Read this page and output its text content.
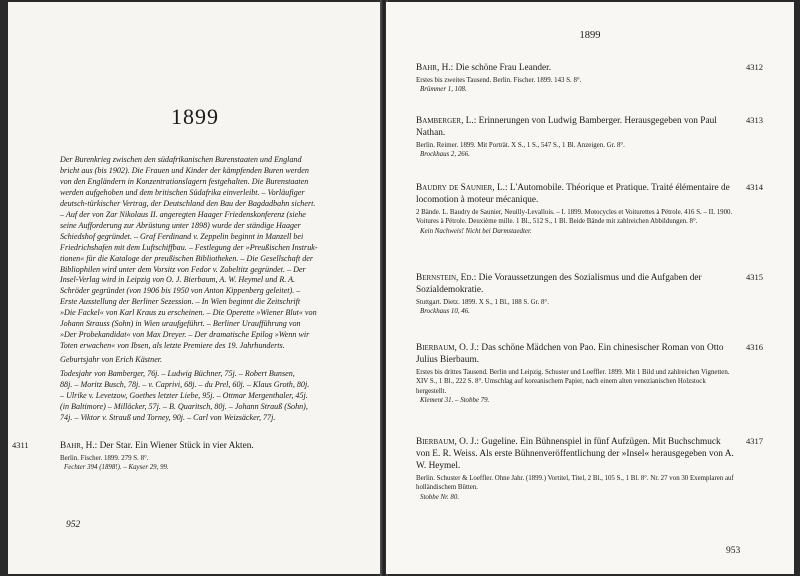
1899

Der Burenkrieg zwischen den südafrikanischen Burenstaaten und England

bricht aus (bis 1902). Die Frauen und Kinder der kämpfenden Buren werden

von den Engländern in Konzentrationslagern festgehalten. Die Burenstaaten

werden aufgehoben und dem britischen Südafrika einverleibt. – Vorläufiger

deutsch-türkischer Vertrag, der Deutschland den Bau der Bagdadbahn sichert.

– Auf der von Zar Nikolaus II. angeregten Haager Friedenskonferenz (siehe

seine Aufforderung zur Abrüstung unter 1898) wurde der ständige Haager

Schiedshof gegründet. – Graf Ferdinand v. Zeppelin beginnt in Manzell bei

Friedrichshafen mit dem Luftschiffbau. – Festlegung der »Preußischen Instruk-

tionen« für die Kataloge der preußischen Bibliotheken. – Die Gesellschaft der

Bibliophilen wird unter dem Vorsitz von Fedor v. Zobeltitz gegründet. – Der

Insel-Verlag wird in Leipzig von O. J. Bierbaum, A. W. Heymel und R. A.

Schröder gegründet (von 1906 bis 1950 von Anton Kippenberg geleitet). –

Erste Ausstellung der Berliner Sezession. – In Wien beginnt die Zeitschrift

»Die Fackel« von Karl Kraus zu erscheinen. – Die Operette »Wiener Blut« von

Johann Strauss (Sohn) in Wien uraufgeführt. – Berliner Uraufführung von

»Der Probekandidat« von Max Dreyer. – Der dramatische Epilog »Wenn wir

Toten erwachen« von Ibsen, als letzte Premiere des 19. Jahrhunderts.

Geburtsjahr von Erich Kästner.

Todesjahr von Bamberger, 76j. – Ludwig Büchner, 75j. – Robert Bunsen,

88j. – Moritz Busch, 78j. – v. Caprivi, 68j. – du Prel, 60j. – Klaus Groth, 80j.

– Ulrike v. Levetzow, Goethes letzter Liebe, 95j. – Ottmar Mergenthaler, 45j.

(in Baltimore) – Millöcker, 57j. – B. Quaritsch, 80j. – Johann Strauß (Sohn),

74j. – Viktor v. Strauß und Torney, 90j. – Carl von Weizsäcker, 77j.

4311	Bahr, H.: Der Star. Ein Wiener Stück in vier Akten.
Berlin. Fischer. 1899. 279 S. 8°.
Fechter 394 (1898!). – Kayser 29, 99.
952
1899
4312
Bahr, H.: Die schöne Frau Leander.
Erstes bis zweites Tausend. Berlin. Fischer. 1899. 143 S. 8°.
Brümmer 1, 108.
4313
Bamberger, L.: Erinnerungen von Ludwig Bamberger. Herausgegeben von Paul Nathan.
Berlin. Reimer. 1899. Mit Porträt. X S., 1 S., 547 S., 1 Bl. Anzeigen. Gr. 8°.
Brockhaus 2, 266.
4314
Baudry de Saunier, L.: L'Automobile. Théorique et Pratique. Traité élémentaire de locomotion à moteur mécanique.
2 Bände. L. Baudry de Saunier, Neuilly-Levallois. – I. 1899. Motocycles et Voiturettes à Pétrole. 416 S. – II. 1900. Voitures à Pétrole. Deuxième mille. 1 Bl., 512 S., 1 Bl. Beide Bände mit zahlreichen Abbildungen. 8°.
Kein Nachweis! Nicht bei Darmstaedter.
4315
Bernstein, Ed.: Die Voraussetzungen des Sozialismus und die Aufgaben der Sozialdemokratie.
Stuttgart. Dietz. 1899. X S., 1 Bl., 188 S. Gr. 8°.
Brockhaus 10, 46.
4316
Bierbaum, O. J.: Das schöne Mädchen von Pao. Ein chinesischer Roman von Otto Julius Bierbaum.
Erstes bis drittes Tausend. Berlin und Leipzig. Schuster und Loeffler. 1899. Mit 1 Bild und zahlreichen Vignetten. XIV S., 1 Bl., 222 S. 8°. Umschlag auf koreanischem Papier, nach einem alten venezianischen Holzstock hergestellt.
Klement 31. – Stobbe 79.
4317
Bierbaum, O. J.: Gugeline. Ein Bühnenspiel in fünf Aufzügen. Mit Buchschmuck von E. R. Weiss. Als erste Bühnenveröffentlichung der »Insel« herausgegeben von A. W. Heymel.
Berlin. Schuster & Loeffler. Ohne Jahr. (1899.) Vortitel, Titel, 2 Bl., 105 S., 1 Bl. 8°. Nr. 27 von 30 Exemplaren auf holländischem Bütten.
Stobbe Nr. 80.
953
